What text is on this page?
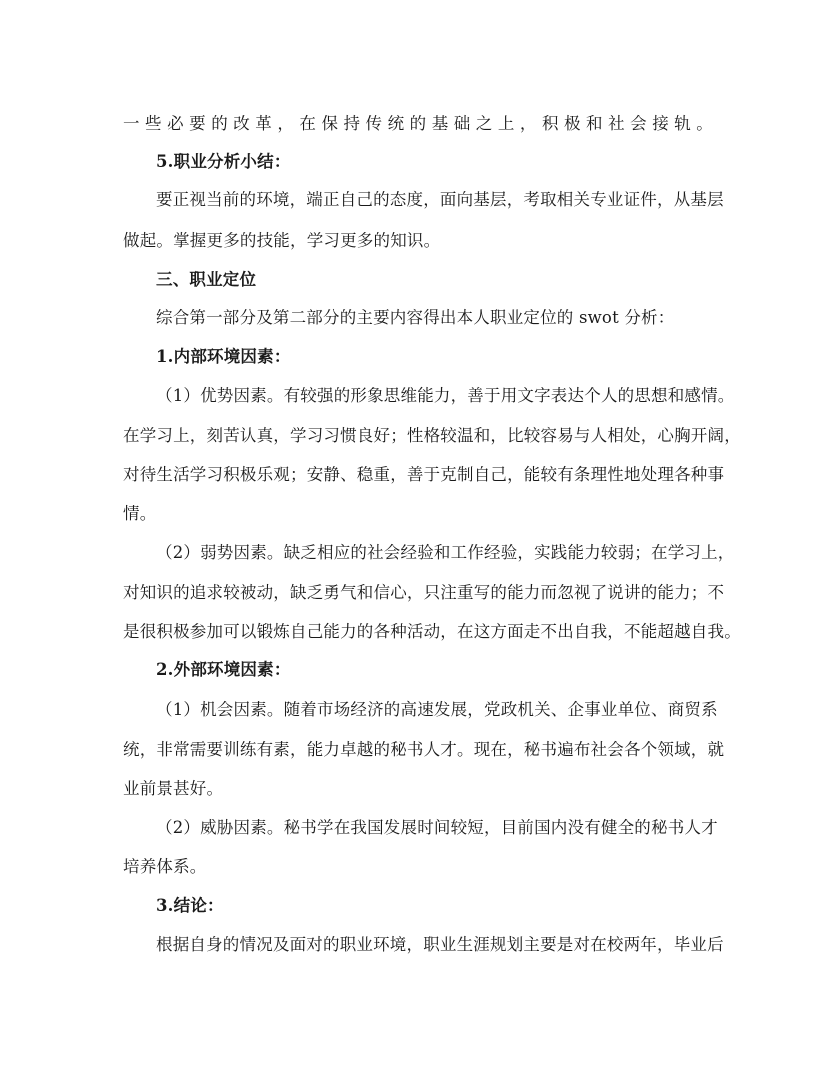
一些必要的改革，在保持传统的基础之上，积极和社会接轨。
5.职业分析小结：
要正视当前的环境，端正自己的态度，面向基层，考取相关专业证件，从基层
做起。掌握更多的技能，学习更多的知识。
三、职业定位
综合第一部分及第二部分的主要内容得出本人职业定位的 swot 分析：
1.内部环境因素：
（1）优势因素。有较强的形象思维能力，善于用文字表达个人的思想和感情。
在学习上，刻苦认真，学习习惯良好；性格较温和，比较容易与人相处，心胸开阔，
对待生活学习积极乐观；安静、稳重，善于克制自己，能较有条理性地处理各种事
情。
（2）弱势因素。缺乏相应的社会经验和工作经验，实践能力较弱；在学习上，
对知识的追求较被动，缺乏勇气和信心，只注重写的能力而忽视了说讲的能力；不
是很积极参加可以锻炼自己能力的各种活动，在这方面走不出自我，不能超越自我。
2.外部环境因素：
（1）机会因素。随着市场经济的高速发展，党政机关、企事业单位、商贸系
统，非常需要训练有素，能力卓越的秘书人才。现在，秘书遍布社会各个领域，就
业前景甚好。
（2）威胁因素。秘书学在我国发展时间较短，目前国内没有健全的秘书人才
培养体系。
3.结论：
根据自身的情况及面对的职业环境，职业生涯规划主要是对在校两年，毕业后
